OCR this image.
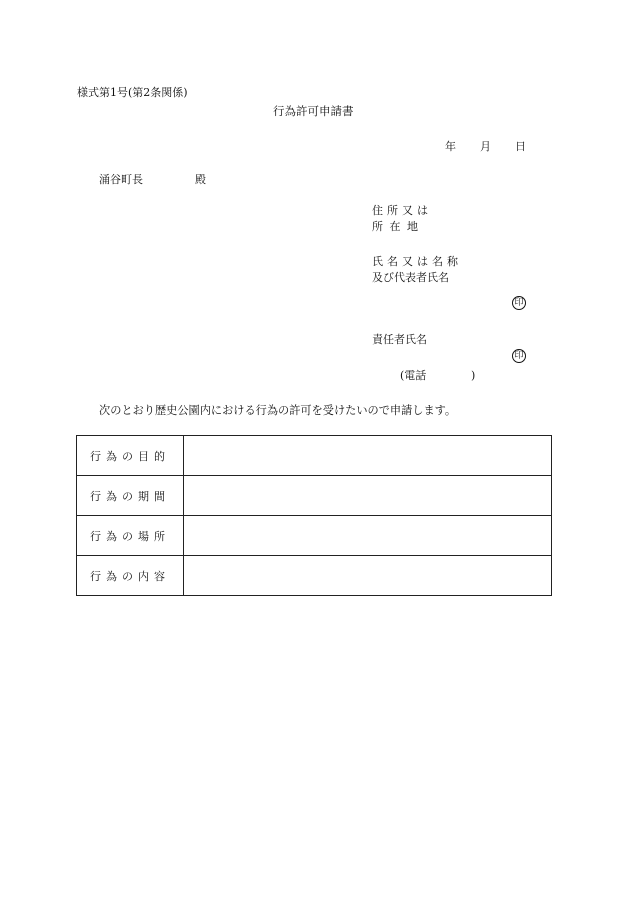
様式第1号(第2条関係)
行為許可申請書
年 月 日
涌谷町長	殿
住所又は
所 在 地
氏名又は名称
及び代表者氏名
印
責任者氏名
印
(電話	)
次のとおり歴史公園内における行為の許可を受けたいので申請します。
行為の目的	
行為の期間	
行為の場所	
行為の内容	
